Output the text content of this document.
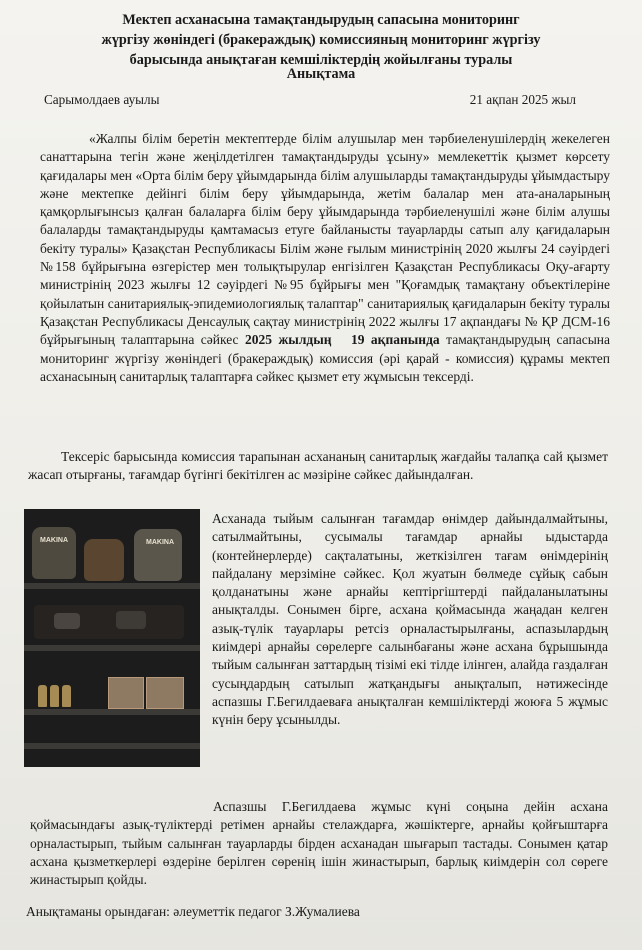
Мектеп асханасына тамақтандырудың сапасына мониторинг
жүргізу жөніндегі (бракераждық) комиссияның мониторинг жүргізу
барысында анықтаған кемшіліктердің жойылғаны туралы
Анықтама
Сарымолдаев ауылы	21 ақпан 2025 жыл

«Жалпы білім беретін мектептерде білім алушылар мен тәрбиеленушілердің жекелеген санаттарына тегін және жеңілдетілген тамақтандыруды ұсыну» мемлекеттік қызмет көрсету қағидалары мен «Орта білім беру ұйымдарында білім алушыларды тамақтандыруды ұйымдастыру және мектепке дейінгі білім беру ұйымдарында, жетім балалар мен ата-аналарының қамқорлығынсыз қалған балаларға білім беру ұйымдарында тәрбиеленушілі және білім алушы балаларды тамақтандыруды қамтамасыз етуге байланысты тауарларды сатып алу қағидаларын бекіту туралы» Қазақстан Республикасы Білім және ғылым министрінің 2020 жылғы 24 сәуірдегі №158 бұйрығына өзгерістер мен толықтырулар енгізілген Қазақстан Республикасы Оқу-ағарту министрінің 2023 жылғы 12 сәуірдегі №95 бұйрығы мен "Қоғамдық тамақтану объектілеріне қойылатын санитариялық-эпидемиологиялық талаптар" санитариялық қағидаларын бекіту туралы Қазақстан Республикасы Денсаулық сақтау министрінің 2022 жылғы 17 ақпандағы № ҚР ДСМ-16 бұйрығының талаптарына сәйкес 2025 жылдың   19 ақпанында тамақтандырудың сапасына мониторинг жүргізу жөніндегі (бракераждық) комиссия (әрі қарай - комиссия) құрамы мектеп асханасының санитарлық талаптарға сәйкес қызмет ету жұмысын тексерді.

Тексеріс барысында комиссия тарапынан асхананың санитарлық жағдайы талапқа сай қызмет жасап отырғаны, тағамдар бүгінгі бекітілген ас мәзіріне сәйкес дайындалған.

MAKINA	MAKINA

Асханада тыйым салынған тағамдар өнімдер дайындалмайтыны, сатылмайтыны, сусымалы тағамдар арнайы ыдыстарда (контейнерлерде) сақталатыны, жеткізілген тағам өнімдерінің пайдалану мерзіміне сәйкес. Қол жуатын бөлмеде сұйық сабын қолданатыны және арнайы кептіргіштерді пайдаланылатыны анықталды. Сонымен бірге, асхана қоймасында жаңадан келген азық-түлік тауарлары ретсіз орналастырылғаны, аспазылардың киімдері арнайы сөрелерге салынбағаны және асхана бұрышында тыйым салынған заттардың тізімі екі тілде ілінген, алайда газдалған сусыңдардың сатылып жатқандығы анықталып, нәтижесінде аспазшы Г.Бегилдаеваға анықталған кемшіліктерді жоюға 5 жұмыс күнін беру ұсынылды.

Аспазшы Г.Бегилдаева жұмыс күні соңына дейін асхана қоймасындағы азық-түліктерді ретімен арнайы стелаждарға, жәшіктерге, арнайы қойғыштарға орналастырып, тыйым салынған тауарларды бірден асханадан шығарып тастады. Сонымен қатар асхана қызметкерлері өздеріне берілген сөренің ішін жинастырып, барлық киімдерін сол сөреге жинастырып қойды.

Анықтаманы орындаған: әлеуметтік педагог З.Жумалиева
